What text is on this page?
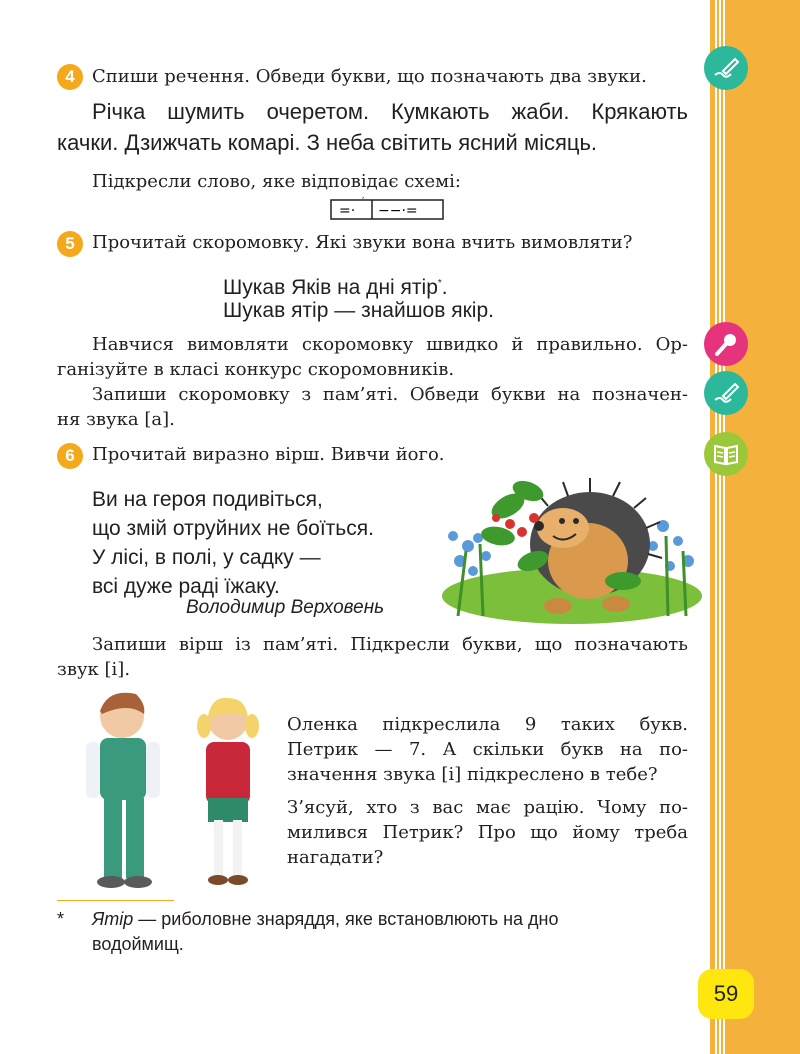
4 Спиши речення. Обведи букви, що позначають два звуки.
Річка шумить очеретом. Кумкають жаби. Крякають
качки. Дзижчать комарі. З неба світить ясний місяць.
Підкресли слово, яке відповідає схемі:
=·
′
−−·=
5 Прочитай скоромовку. Які звуки вона вчить вимовляти?
Шукав Яків на дні ятір*.
Шукав ятір — знайшов якір.
Навчися вимовляти скоромовку швидко й правильно. Ор-
ганізуйте в класі конкурс скоромовників.
Запиши скоромовку з пам’яті. Обведи букви на позначен-
ня звука [а].
6 Прочитай виразно вірш. Вивчи його.
Ви на героя подивіться,
що змій отруйних не боїться.
У лісі, в полі, у садку —
всі дуже раді їжаку.
Володимир Верховень
Запиши вірш із пам’яті. Підкресли букви, що позначають
звук [і].
Оленка підкреслила 9 таких букв.
Петрик — 7. А скільки букв на по-
значення звука [і] підкреслено в тебе?
З’ясуй, хто з вас має рацію. Чому по-
милився Петрик? Про що йому треба
нагадати?
* Ятір — риболовне знаряддя, яке встановлюють на дно
водоймищ.
59
